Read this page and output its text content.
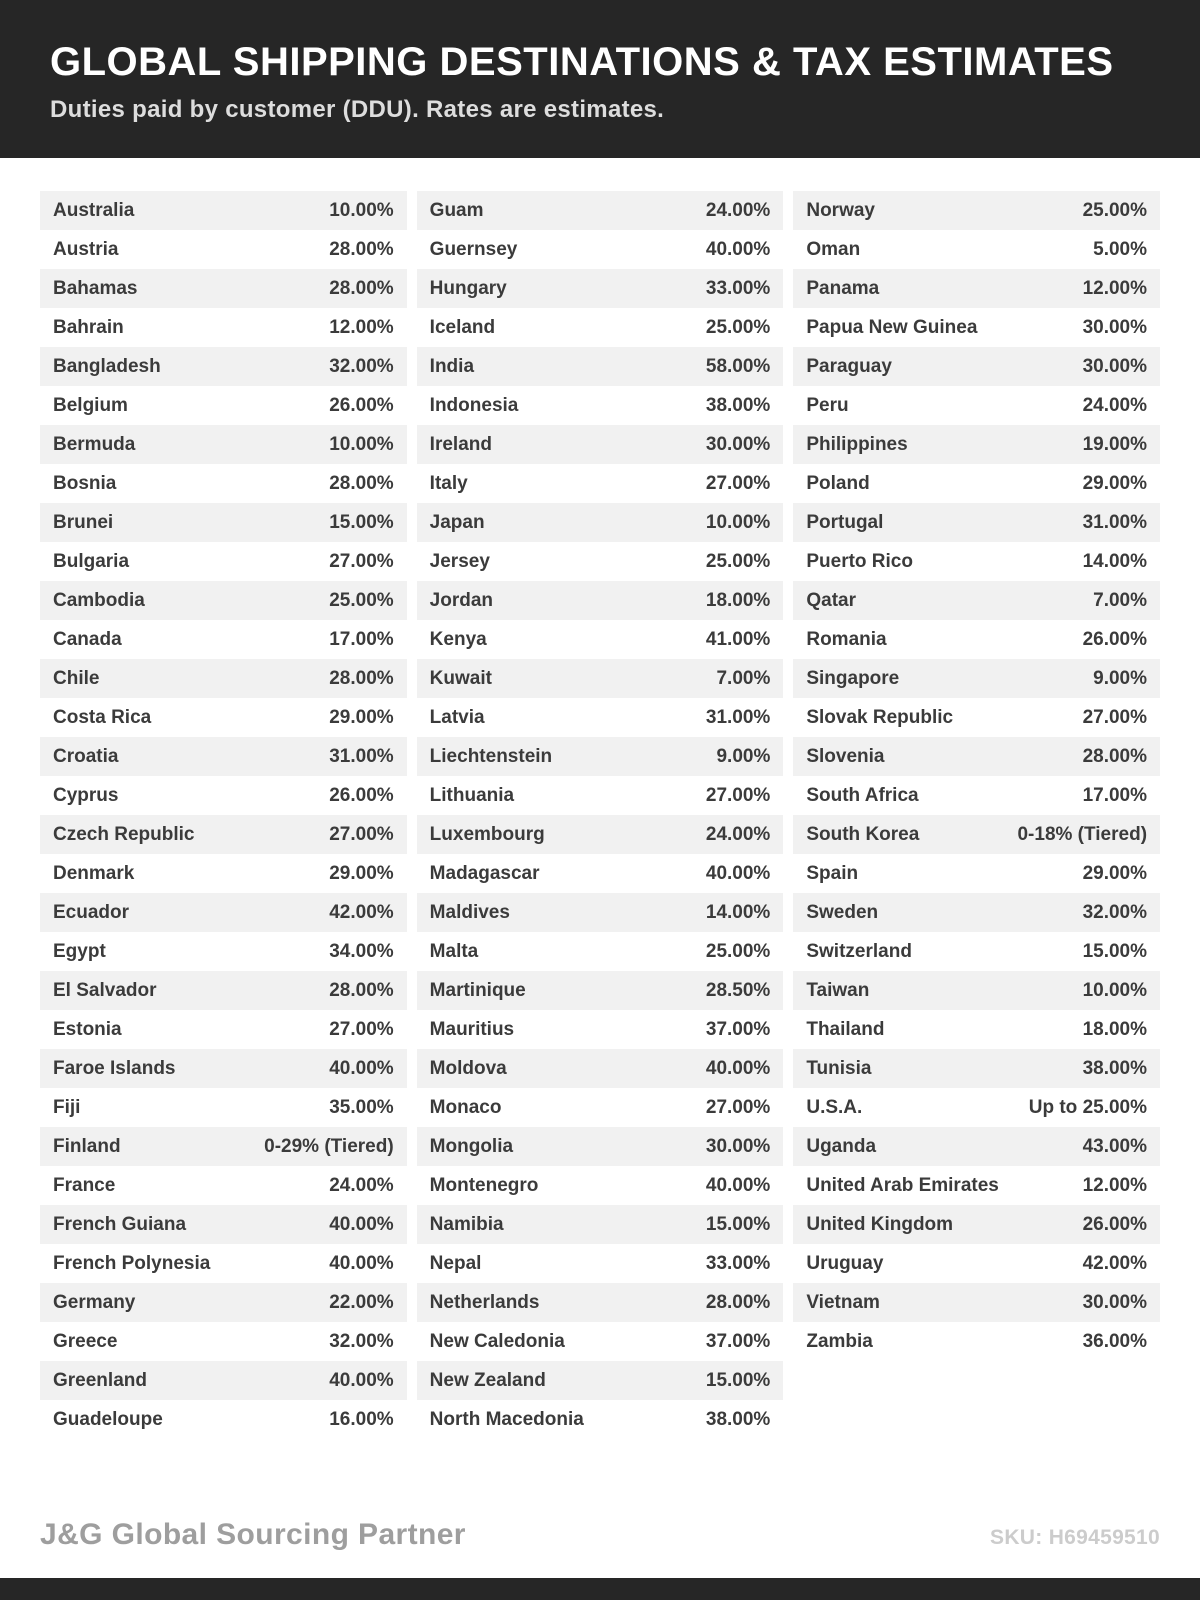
GLOBAL SHIPPING DESTINATIONS & TAX ESTIMATES

Duties paid by customer (DDU). Rates are estimates.

Australia	10.00%
Austria	28.00%
Bahamas	28.00%
Bahrain	12.00%
Bangladesh	32.00%
Belgium	26.00%
Bermuda	10.00%
Bosnia	28.00%
Brunei	15.00%
Bulgaria	27.00%
Cambodia	25.00%
Canada	17.00%
Chile	28.00%
Costa Rica	29.00%
Croatia	31.00%
Cyprus	26.00%
Czech Republic	27.00%
Denmark	29.00%
Ecuador	42.00%
Egypt	34.00%
El Salvador	28.00%
Estonia	27.00%
Faroe Islands	40.00%
Fiji	35.00%
Finland	0-29% (Tiered)
France	24.00%
French Guiana	40.00%
French Polynesia	40.00%
Germany	22.00%
Greece	32.00%
Greenland	40.00%
Guadeloupe	16.00%
Guam	24.00%
Guernsey	40.00%
Hungary	33.00%
Iceland	25.00%
India	58.00%
Indonesia	38.00%
Ireland	30.00%
Italy	27.00%
Japan	10.00%
Jersey	25.00%
Jordan	18.00%
Kenya	41.00%
Kuwait	7.00%
Latvia	31.00%
Liechtenstein	9.00%
Lithuania	27.00%
Luxembourg	24.00%
Madagascar	40.00%
Maldives	14.00%
Malta	25.00%
Martinique	28.50%
Mauritius	37.00%
Moldova	40.00%
Monaco	27.00%
Mongolia	30.00%
Montenegro	40.00%
Namibia	15.00%
Nepal	33.00%
Netherlands	28.00%
New Caledonia	37.00%
New Zealand	15.00%
North Macedonia	38.00%
Norway	25.00%
Oman	5.00%
Panama	12.00%
Papua New Guinea	30.00%
Paraguay	30.00%
Peru	24.00%
Philippines	19.00%
Poland	29.00%
Portugal	31.00%
Puerto Rico	14.00%
Qatar	7.00%
Romania	26.00%
Singapore	9.00%
Slovak Republic	27.00%
Slovenia	28.00%
South Africa	17.00%
South Korea	0-18% (Tiered)
Spain	29.00%
Sweden	32.00%
Switzerland	15.00%
Taiwan	10.00%
Thailand	18.00%
Tunisia	38.00%
U.S.A.	Up to 25.00%
Uganda	43.00%
United Arab Emirates	12.00%
United Kingdom	26.00%
Uruguay	42.00%
Vietnam	30.00%
Zambia	36.00%
J&G Global Sourcing Partner	SKU: H69459510
